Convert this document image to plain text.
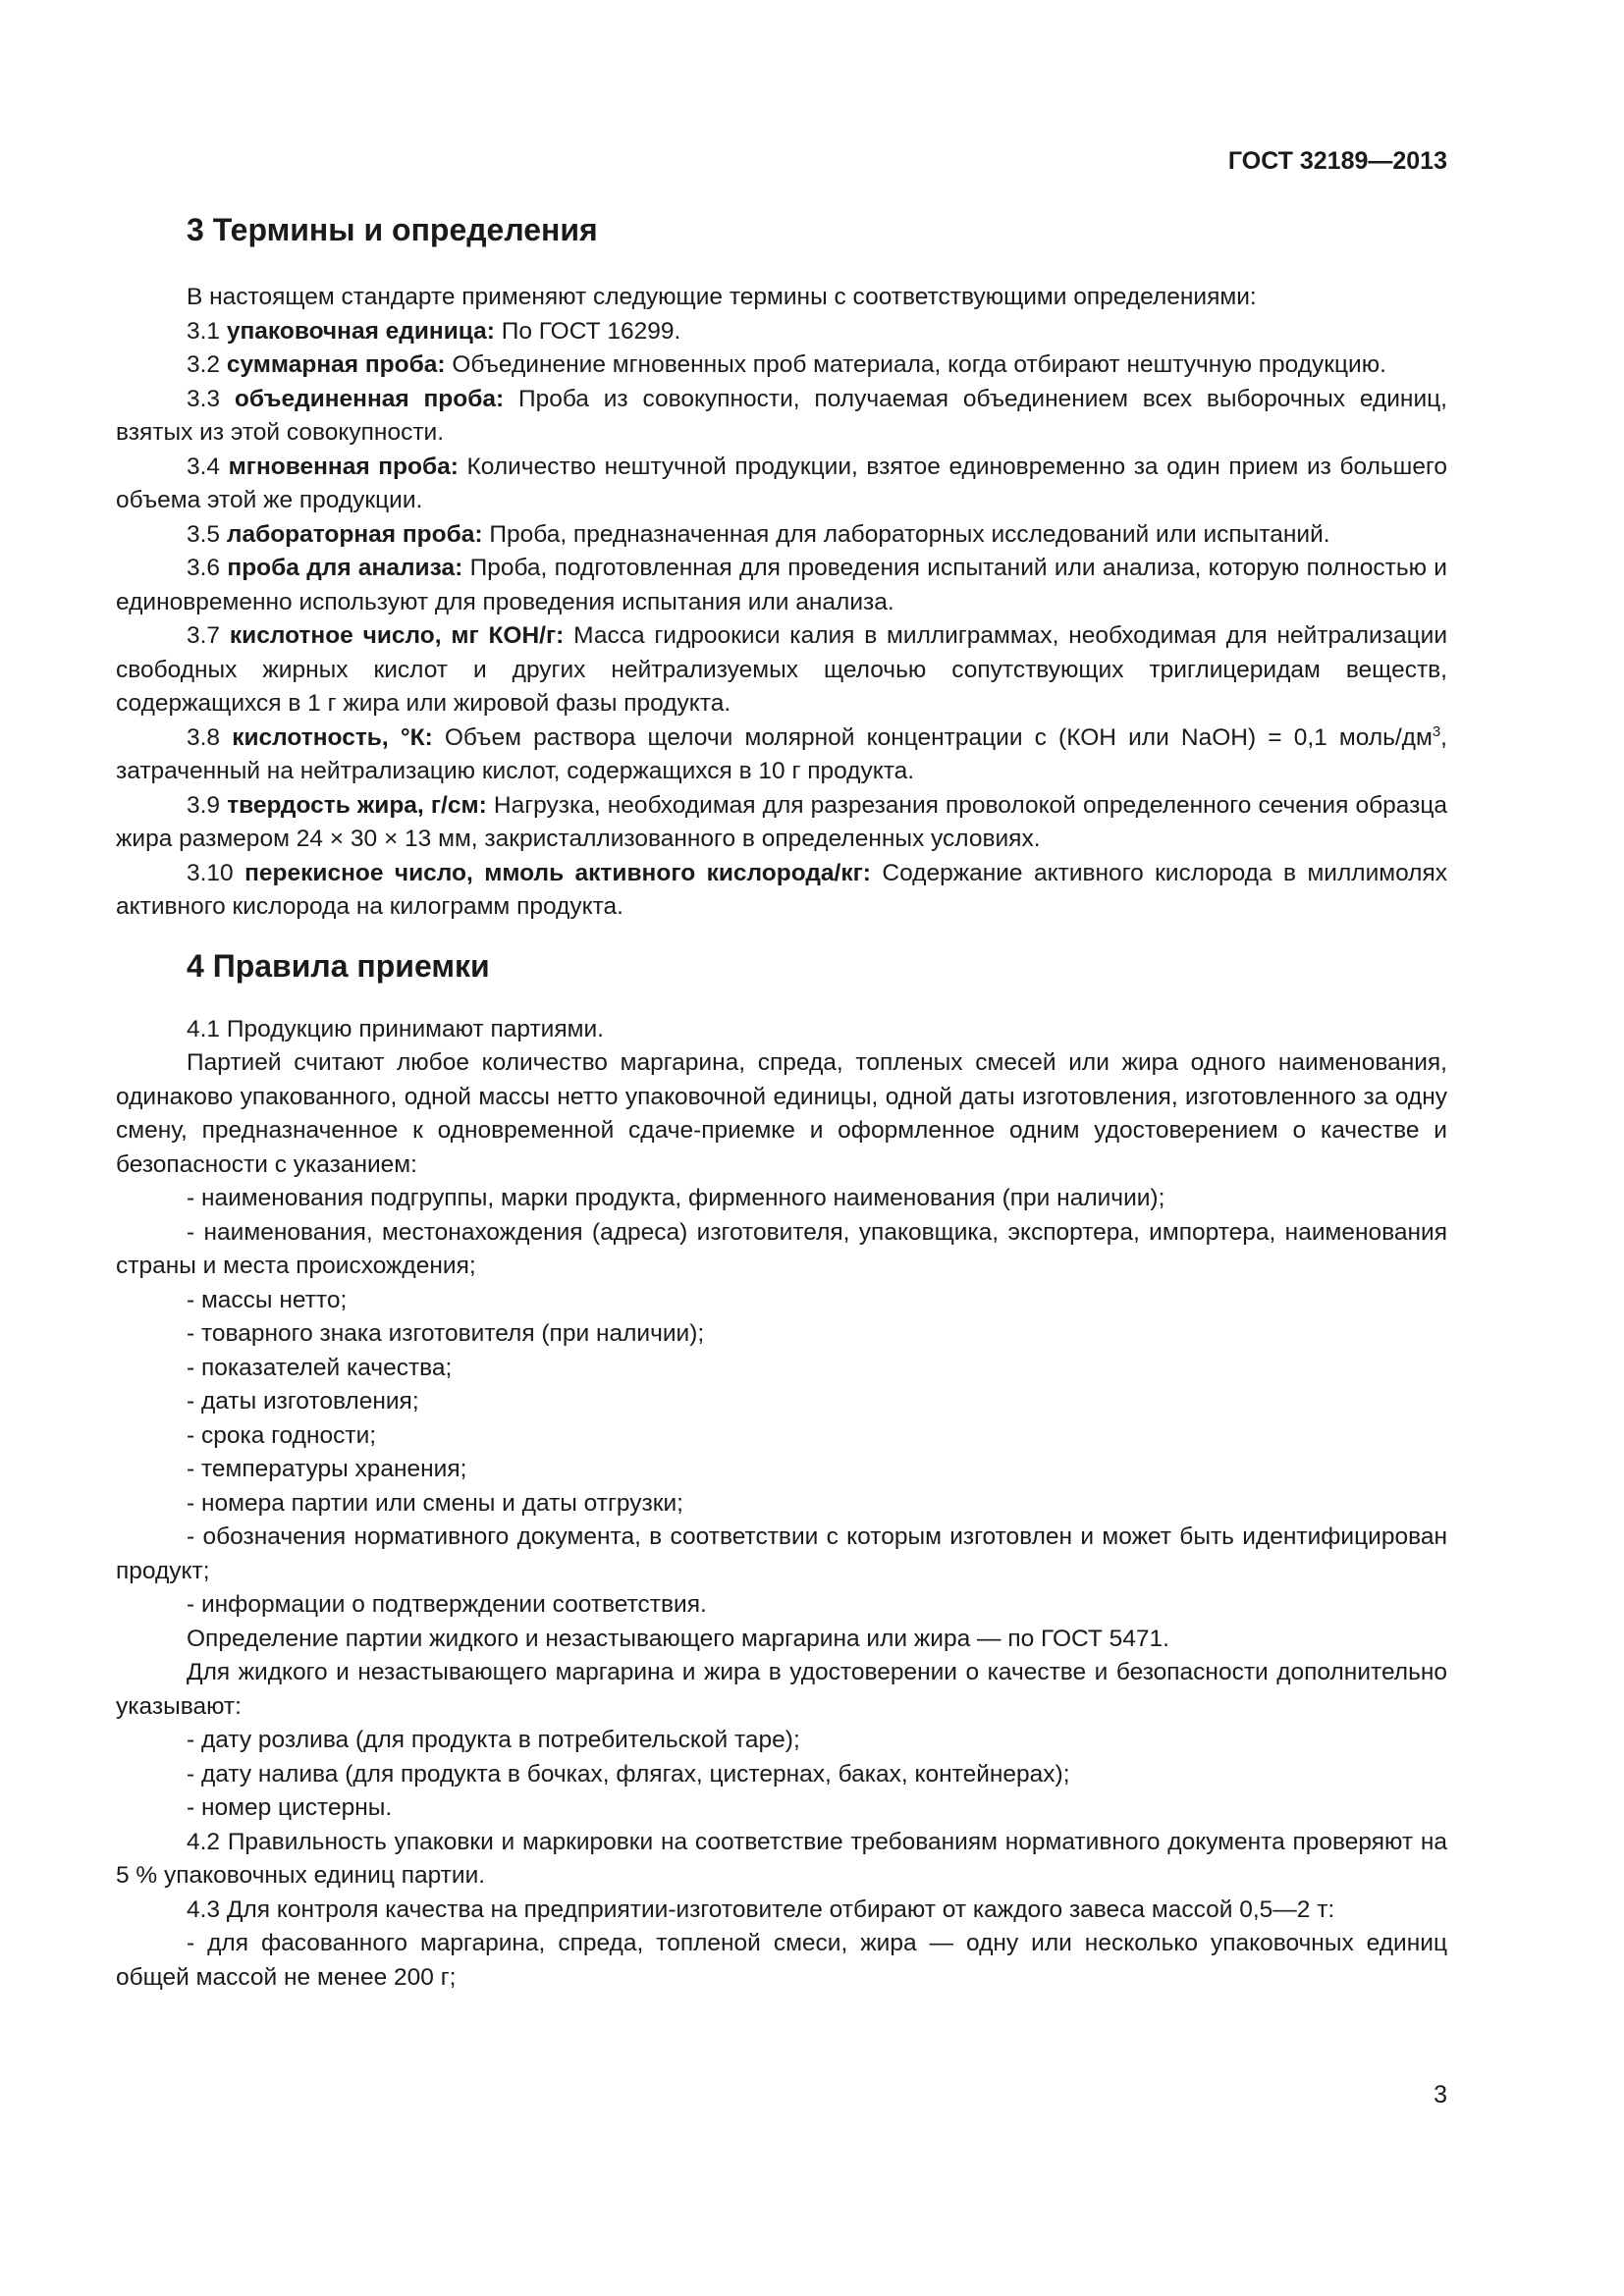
ГОСТ 32189—2013
3 Термины и определения

В настоящем стандарте применяют следующие термины с соответствующими определениями:

3.1 упаковочная единица: По ГОСТ 16299.

3.2 суммарная проба: Объединение мгновенных проб материала, когда отбирают нештучную продукцию.

3.3 объединенная проба: Проба из совокупности, получаемая объединением всех выборочных единиц, взятых из этой совокупности.

3.4 мгновенная проба: Количество нештучной продукции, взятое единовременно за один прием из большего объема этой же продукции.

3.5 лабораторная проба: Проба, предназначенная для лабораторных исследований или испытаний.

3.6 проба для анализа: Проба, подготовленная для проведения испытаний или анализа, которую полностью и единовременно используют для проведения испытания или анализа.

3.7 кислотное число, мг КОН/г: Масса гидроокиси калия в миллиграммах, необходимая для нейтрализации свободных жирных кислот и других нейтрализуемых щелочью сопутствующих триглицеридам веществ, содержащихся в 1 г жира или жировой фазы продукта.

3.8 кислотность, °К: Объем раствора щелочи молярной концентрации с (КОН или NaOH) = 0,1 моль/$дм^3$, затраченный на нейтрализацию кислот, содержащихся в 10 г продукта.

3.9 твердость жира, г/см: Нагрузка, необходимая для разрезания проволокой определенного сечения образца жира размером 24 × 30 × 13 мм, закристаллизованного в определенных условиях.

3.10 перекисное число, ммоль активного кислорода/кг: Содержание активного кислорода в миллимолях активного кислорода на килограмм продукта.

4 Правила приемки

4.1 Продукцию принимают партиями.

Партией считают любое количество маргарина, спреда, топленых смесей или жира одного наименования, одинаково упакованного, одной массы нетто упаковочной единицы, одной даты изготовления, изготовленного за одну смену, предназначенное к одновременной сдаче-приемке и оформленное одним удостоверением о качестве и безопасности с указанием:

- наименования подгруппы, марки продукта, фирменного наименования (при наличии);

- наименования, местонахождения (адреса) изготовителя, упаковщика, экспортера, импортера, наименования страны и места происхождения;

- массы нетто;

- товарного знака изготовителя (при наличии);

- показателей качества;

- даты изготовления;

- срока годности;

- температуры хранения;

- номера партии или смены и даты отгрузки;

- обозначения нормативного документа, в соответствии с которым изготовлен и может быть идентифицирован продукт;

- информации о подтверждении соответствия.

Определение партии жидкого и незастывающего маргарина или жира — по ГОСТ 5471.

Для жидкого и незастывающего маргарина и жира в удостоверении о качестве и безопасности дополнительно указывают:

- дату розлива (для продукта в потребительской таре);

- дату налива (для продукта в бочках, флягах, цистернах, баках, контейнерах);

- номер цистерны.

4.2 Правильность упаковки и маркировки на соответствие требованиям нормативного документа проверяют на 5 % упаковочных единиц партии.

4.3 Для контроля качества на предприятии-изготовителе отбирают от каждого завеса массой 0,5—2 т:

- для фасованного маргарина, спреда, топленой смеси, жира — одну или несколько упаковочных единиц общей массой не менее 200 г;

3
